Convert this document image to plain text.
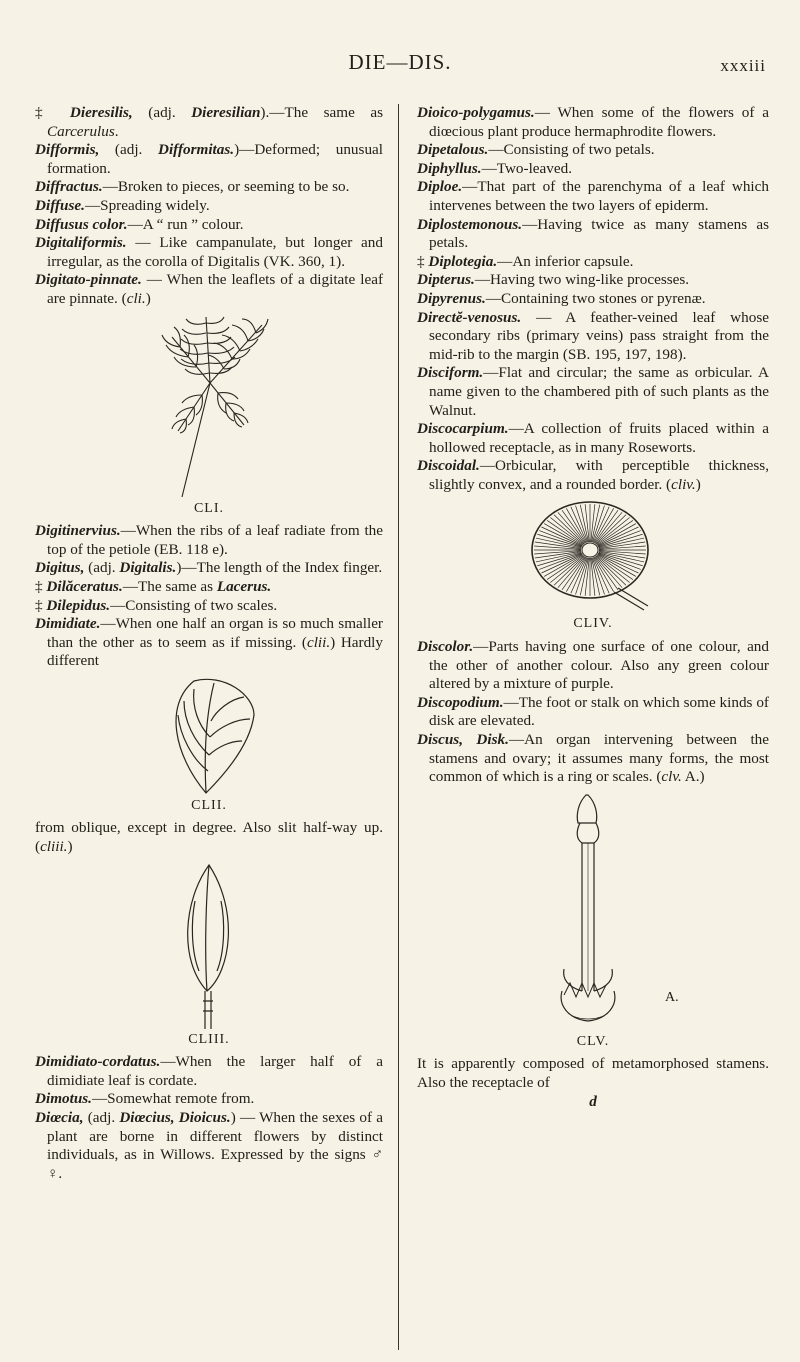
DIE—DIS.	xxxiii

‡ Dieresilis, (adj. Dieresilian).—The same as Carcerulus.

Difformis, (adj. Difformitas.)—Deformed; unusual formation.

Diffractus.—Broken to pieces, or seeming to be so.

Diffuse.—Spreading widely.

Diffusus color.—A “ run ” colour.

Digitaliformis. — Like campanulate, but longer and irregular, as the corolla of Digitalis (VK. 360, 1).

Digitato-pinnate. — When the leaflets of a digitate leaf are pinnate. (cli.)

CLI.

Digitinervius.—When the ribs of a leaf radiate from the top of the petiole (EB. 118 e).

Digitus, (adj. Digitalis.)—The length of the Index finger.

‡ Dilăceratus.—The same as Lacerus.

‡ Dilepidus.—Consisting of two scales.

Dimidiate.—When one half an organ is so much smaller than the other as to seem as if missing. (clii.) Hardly different

CLII.

from oblique, except in degree. Also slit half-way up. (cliii.)

CLIII.

Dimidiato-cordatus.—When the larger half of a dimidiate leaf is cordate.

Dimotus.—Somewhat remote from.

Diœcia, (adj. Diœcius, Dioicus.) — When the sexes of a plant are borne in different flowers by distinct individuals, as in Willows. Expressed by the signs ♂ ♀.

Dioico-polygamus.— When some of the flowers of a diœcious plant produce hermaphrodite flowers.

Dipetalous.—Consisting of two petals.

Diphyllus.—Two-leaved.

Diploe.—That part of the parenchyma of a leaf which intervenes between the two layers of epiderm.

Diplostemonous.—Having twice as many stamens as petals.

‡ Diplotegia.—An inferior capsule.

Dipterus.—Having two wing-like processes.

Dipyrenus.—Containing two stones or pyrenæ.

Directĕ-venosus. — A feather-veined leaf whose secondary ribs (primary veins) pass straight from the mid-rib to the margin (SB. 195, 197, 198).

Disciform.—Flat and circular; the same as orbicular. A name given to the chambered pith of such plants as the Walnut.

Discocarpium.—A collection of fruits placed within a hollowed receptacle, as in many Roseworts.

Discoidal.—Orbicular, with perceptible thickness, slightly convex, and a rounded border. (cliv.)

CLIV.

Discolor.—Parts having one surface of one colour, and the other of another colour. Also any green colour altered by a mixture of purple.

Discopodium.—The foot or stalk on which some kinds of disk are elevated.

Discus, Disk.—An organ intervening between the stamens and ovary; it assumes many forms, the most common of which is a ring or scales. (clv. A.)

A.
CLV.

It is apparently composed of metamorphosed stamens. Also the receptacle of

d
